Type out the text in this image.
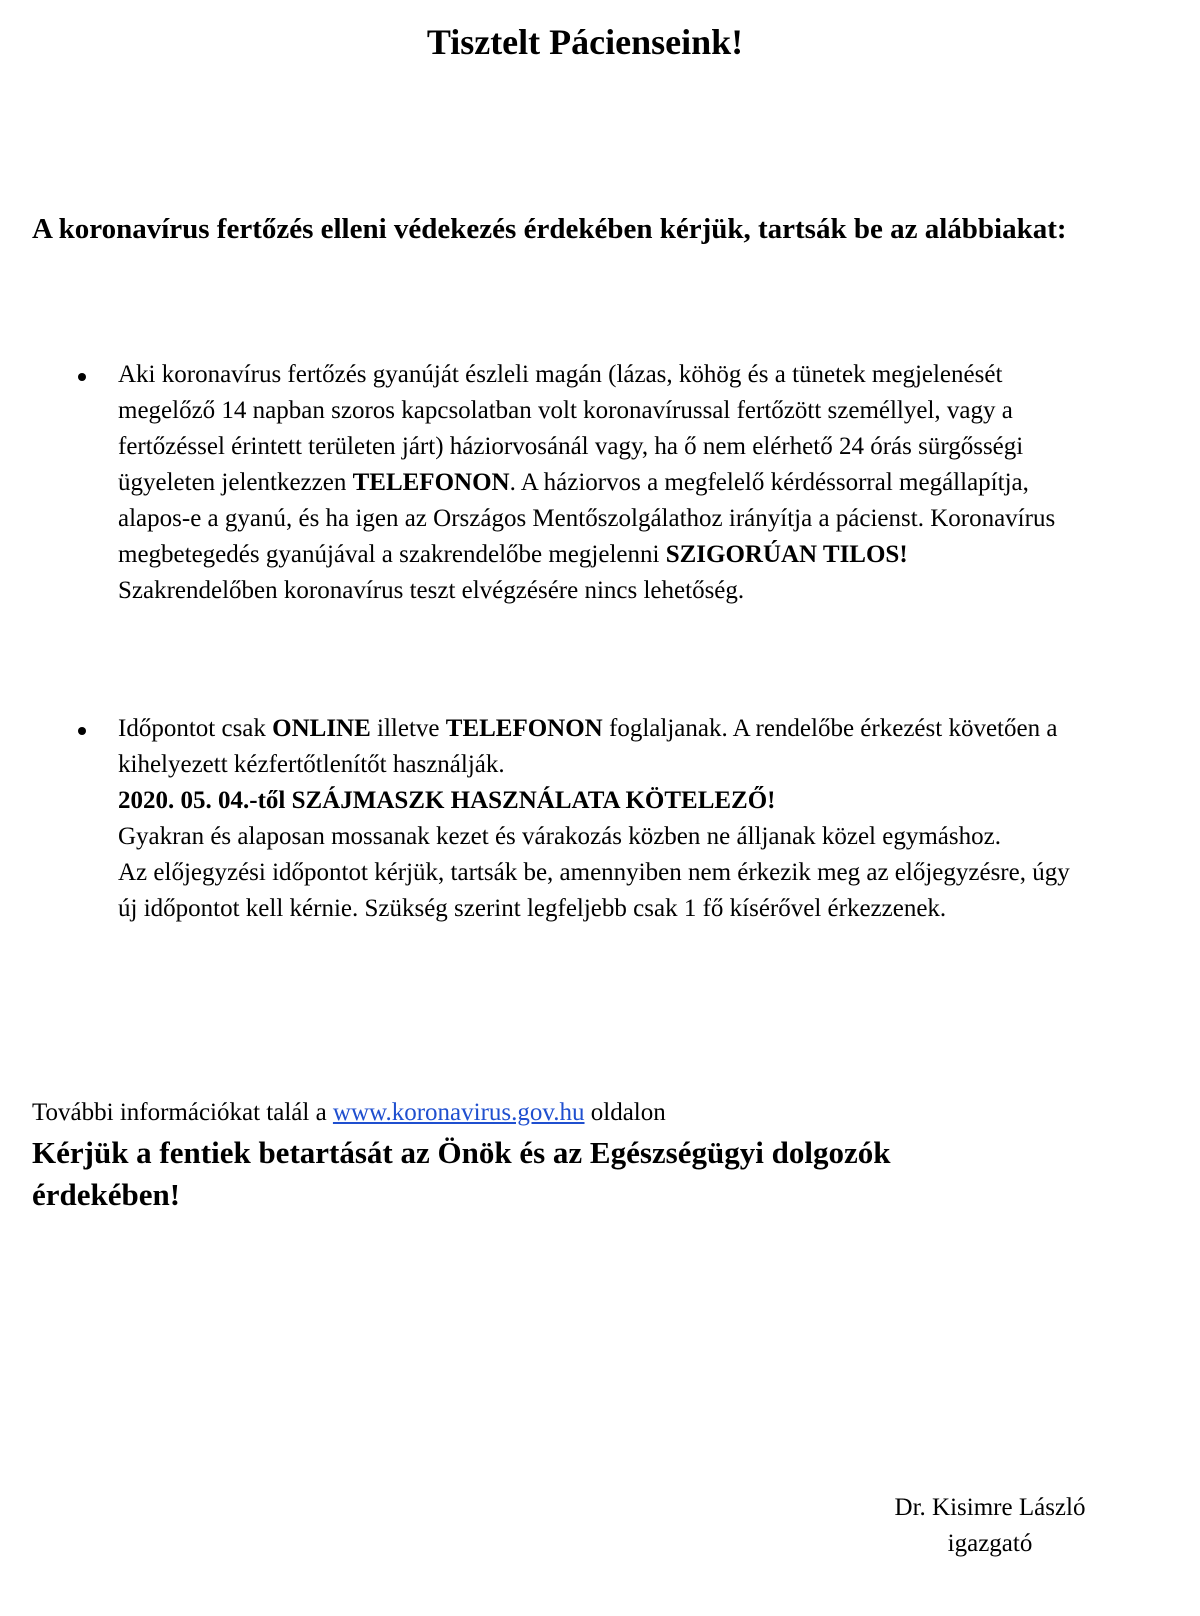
Tisztelt Pácienseink!

A koronavírus fertőzés elleni védekezés érdekében kérjük, tartsák be az alábbiakat:

Aki koronavírus fertőzés gyanúját észleli magán (lázas, köhög és a tünetek megjelenését megelőző 14 napban szoros kapcsolatban volt koronavírussal fertőzött személlyel, vagy a fertőzéssel érintett területen járt) háziorvosánál vagy, ha ő nem elérhető 24 órás sürgősségi ügyeleten jelentkezzen TELEFONON. A háziorvos a megfelelő kérdéssorral megállapítja, alapos-e a gyanú, és ha igen az Országos Mentőszolgálathoz irányítja a pácienst. Koronavírus megbetegedés gyanújával a szakrendelőbe megjelenni SZIGORÚAN TILOS!
Szakrendelőben koronavírus teszt elvégzésére nincs lehetőség.
Időpontot csak ONLINE illetve TELEFONON foglaljanak. A rendelőbe érkezést követően a kihelyezett kézfertőtlenítőt használják.
2020. 05. 04.-től SZÁJMASZK HASZNÁLATA KÖTELEZŐ!
Gyakran és alaposan mossanak kezet és várakozás közben ne álljanak közel egymáshoz.
Az előjegyzési időpontot kérjük, tartsák be, amennyiben nem érkezik meg az előjegyzésre, úgy új időpontot kell kérnie. Szükség szerint legfeljebb csak 1 fő kísérővel érkezzenek.

További információkat talál a www.koronavirus.gov.hu oldalon

Kérjük a fentiek betartását az Önök és az Egészségügyi dolgozók érdekében!

Dr. Kisimre László
igazgató
